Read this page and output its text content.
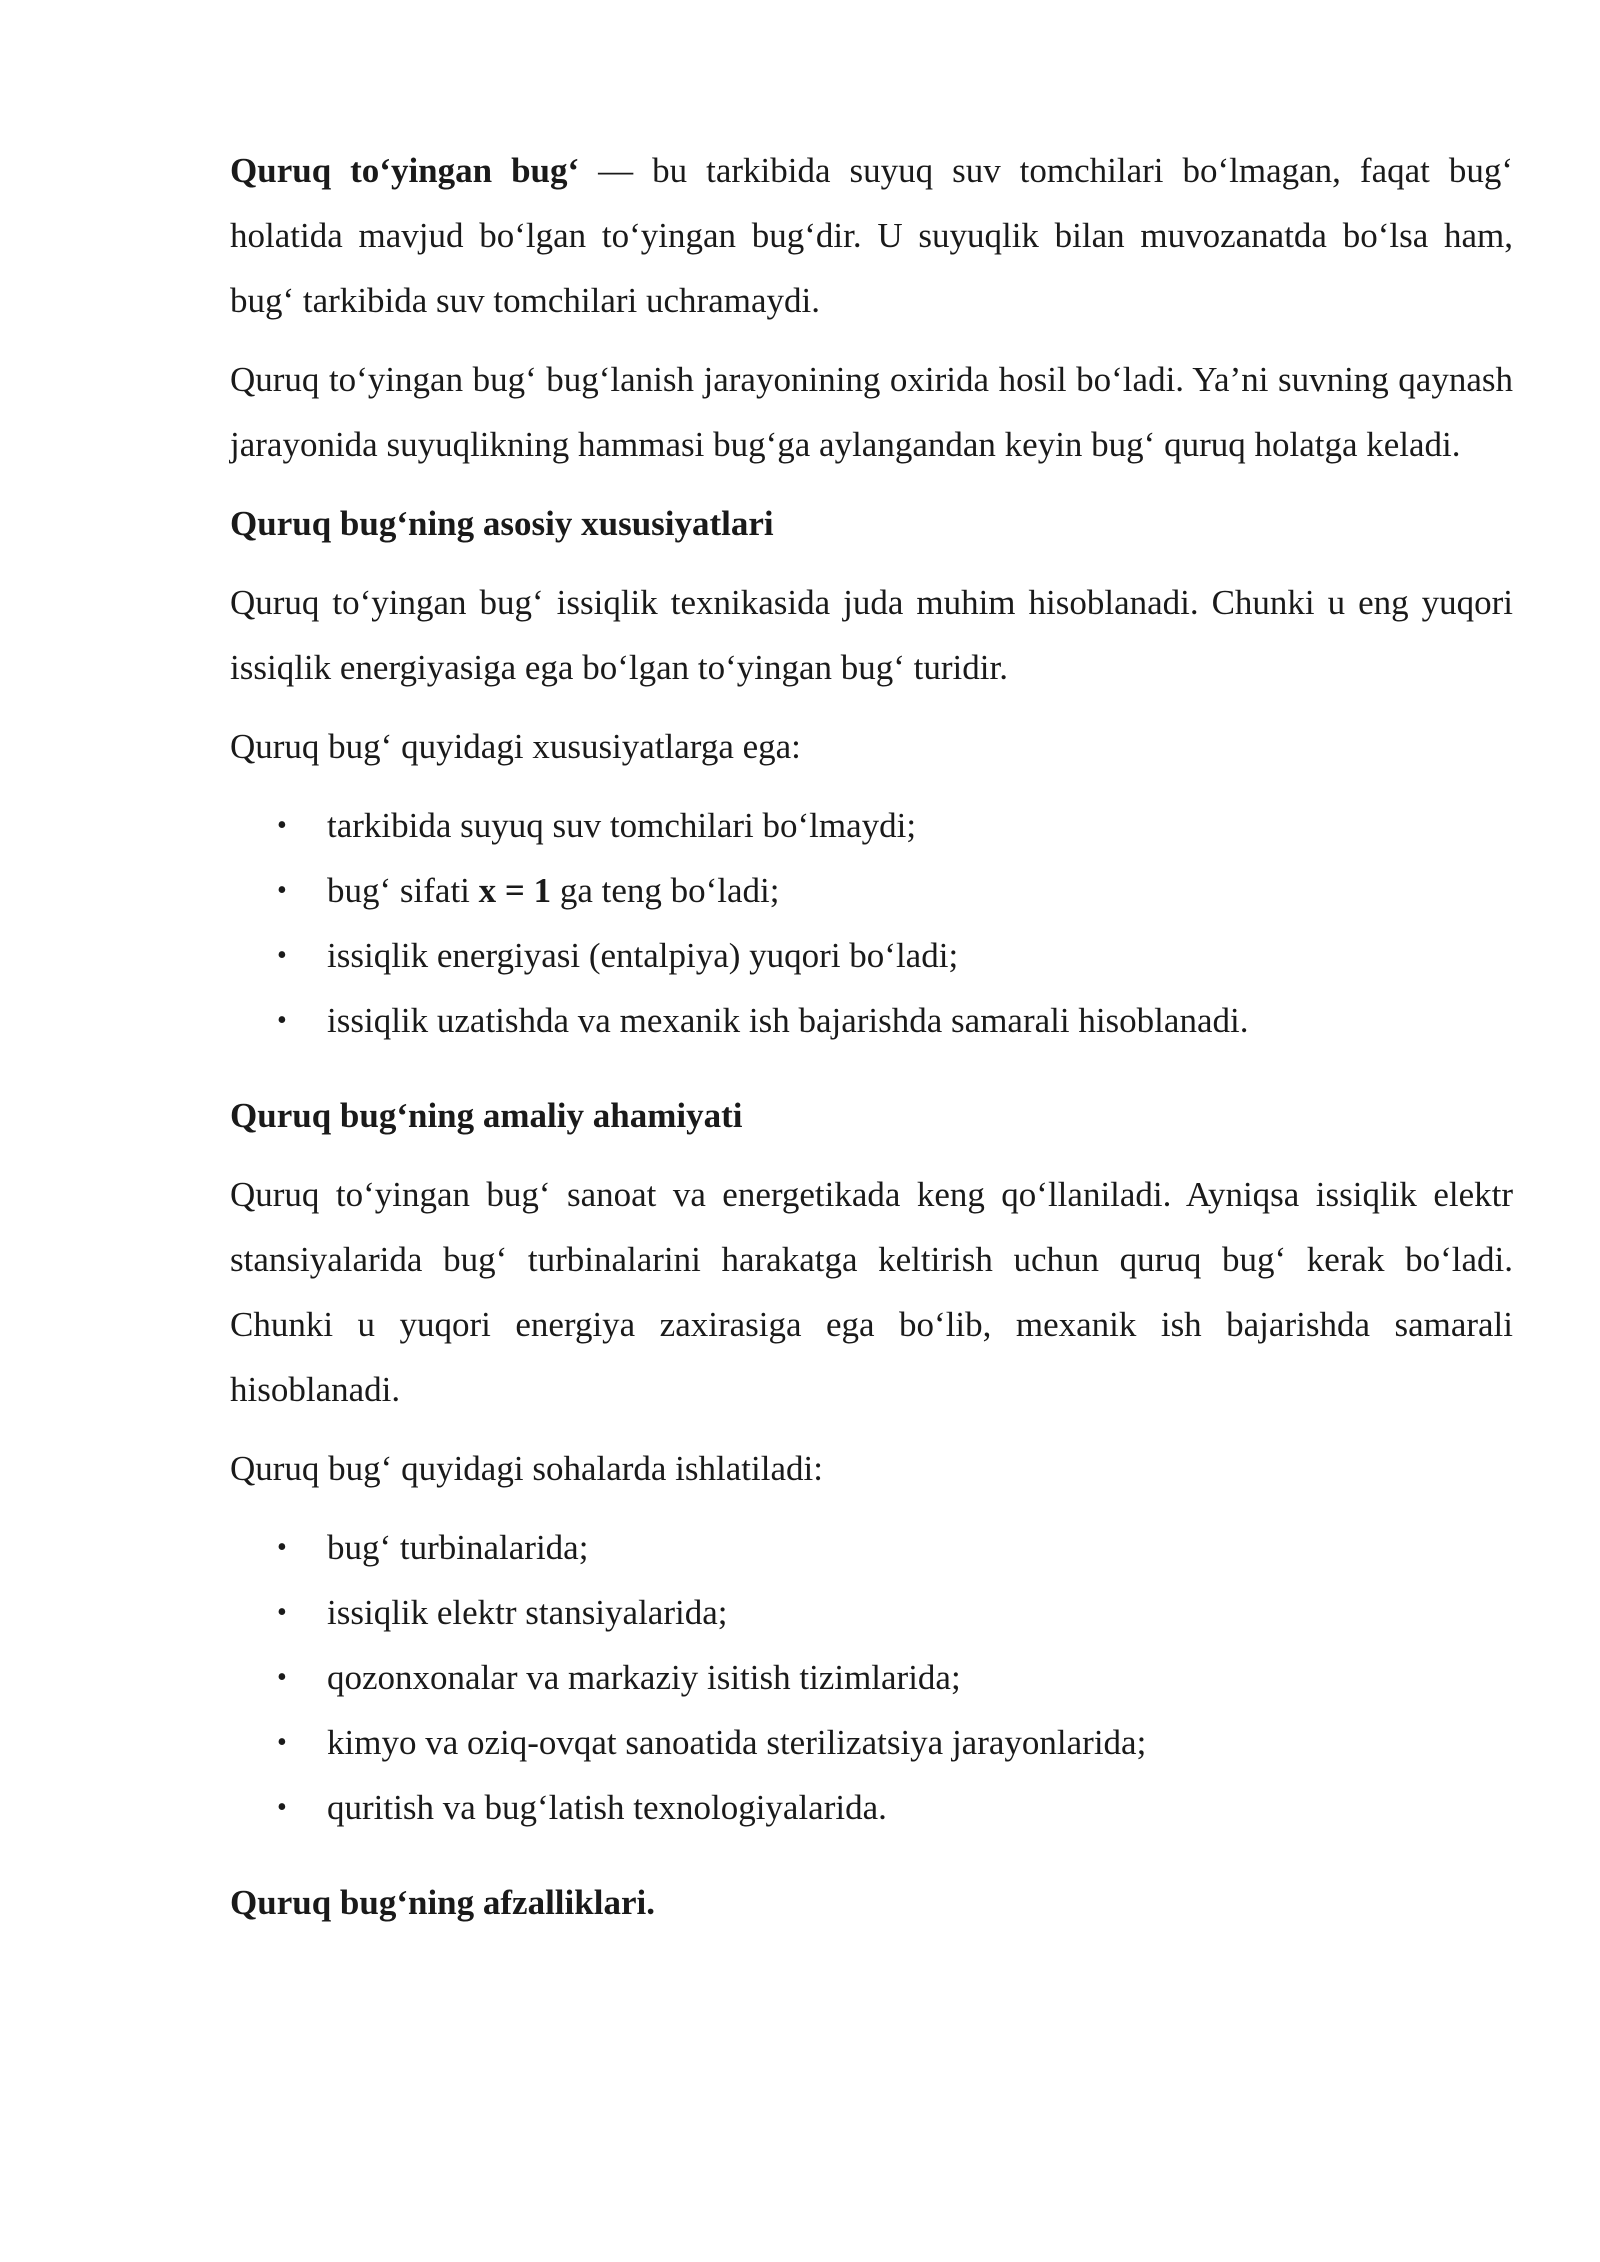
Quruq to‘yingan bug‘ — bu tarkibida suyuq suv tomchilari bo‘lmagan, faqat bug‘ holatida mavjud bo‘lgan to‘yingan bug‘dir. U suyuqlik bilan muvozanatda bo‘lsa ham, bug‘ tarkibida suv tomchilari uchramaydi.

Quruq to‘yingan bug‘ bug‘lanish jarayonining oxirida hosil bo‘ladi. Ya’ni suvning qaynash jarayonida suyuqlikning hammasi bug‘ga aylangandan keyin bug‘ quruq holatga keladi.

Quruq bug‘ning asosiy xususiyatlari

Quruq to‘yingan bug‘ issiqlik texnikasida juda muhim hisoblanadi. Chunki u eng yuqori issiqlik energiyasiga ega bo‘lgan to‘yingan bug‘ turidir.

Quruq bug‘ quyidagi xususiyatlarga ega:

• tarkibida suyuq suv tomchilari bo‘lmaydi;
• bug‘ sifati x = 1 ga teng bo‘ladi;
• issiqlik energiyasi (entalpiya) yuqori bo‘ladi;
• issiqlik uzatishda va mexanik ish bajarishda samarali hisoblanadi.
Quruq bug‘ning amaliy ahamiyati

Quruq to‘yingan bug‘ sanoat va energetikada keng qo‘llaniladi. Ayniqsa issiqlik elektr stansiyalarida bug‘ turbinalarini harakatga keltirish uchun quruq bug‘ kerak bo‘ladi. Chunki u yuqori energiya zaxirasiga ega bo‘lib, mexanik ish bajarishda samarali hisoblanadi.

Quruq bug‘ quyidagi sohalarda ishlatiladi:

• bug‘ turbinalarida;
• issiqlik elektr stansiyalarida;
• qozonxonalar va markaziy isitish tizimlarida;
• kimyo va oziq-ovqat sanoatida sterilizatsiya jarayonlarida;
• quritish va bug‘latish texnologiyalarida.
Quruq bug‘ning afzalliklari.
